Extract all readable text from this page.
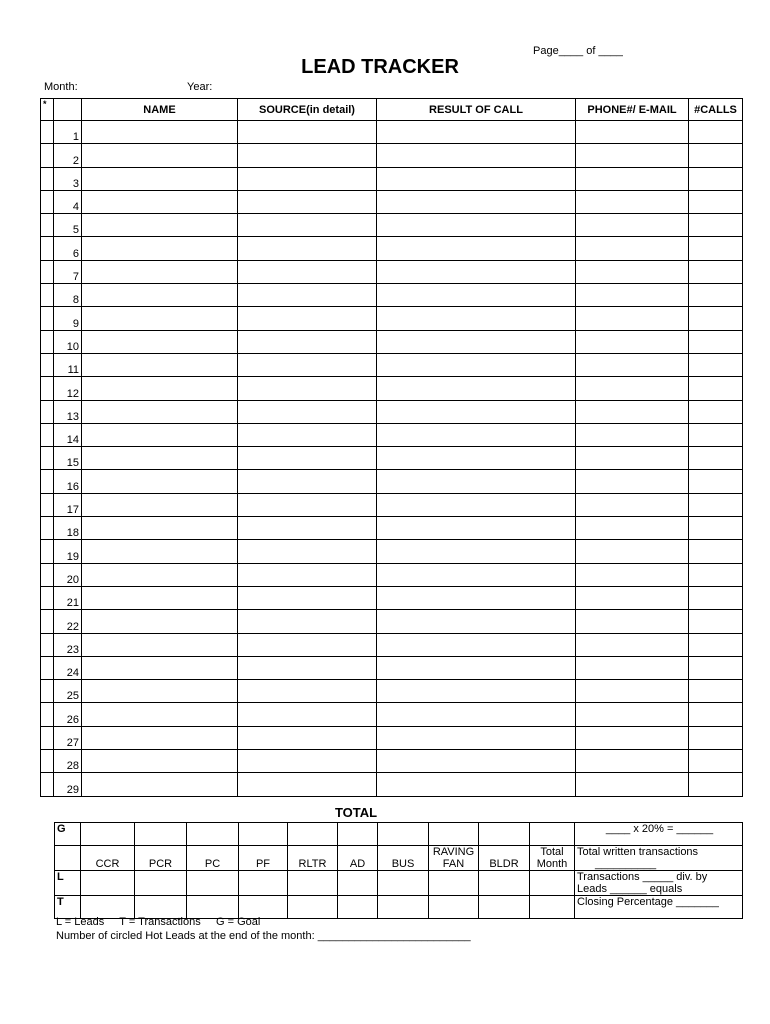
Page____ of ____
LEAD TRACKER
Month:	Year:
*		NAME	SOURCE(in detail)	RESULT OF CALL	PHONE#/ E-MAIL	#CALLS
	1					
	2					
	3					
	4					
	5					
	6					
	7					
	8					
	9					
	10					
	11					
	12					
	13					
	14					
	15					
	16					
	17					
	18					
	19					
	20					
	21					
	22					
	23					
	24					
	25					
	26					
	27					
	28					
	29					
TOTAL
G											____ x 20% = ______
	CCR	PCR	PC	PF	RLTR	AD	BUS	RAVING FAN	BLDR	Total Month	Total written transactions
__________

L											Transactions _____ div. by
Leads ______ equals

T											Closing Percentage _______
L = Leads     T = Transactions     G = Goal
Number of circled Hot Leads at the end of the month: _________________________
